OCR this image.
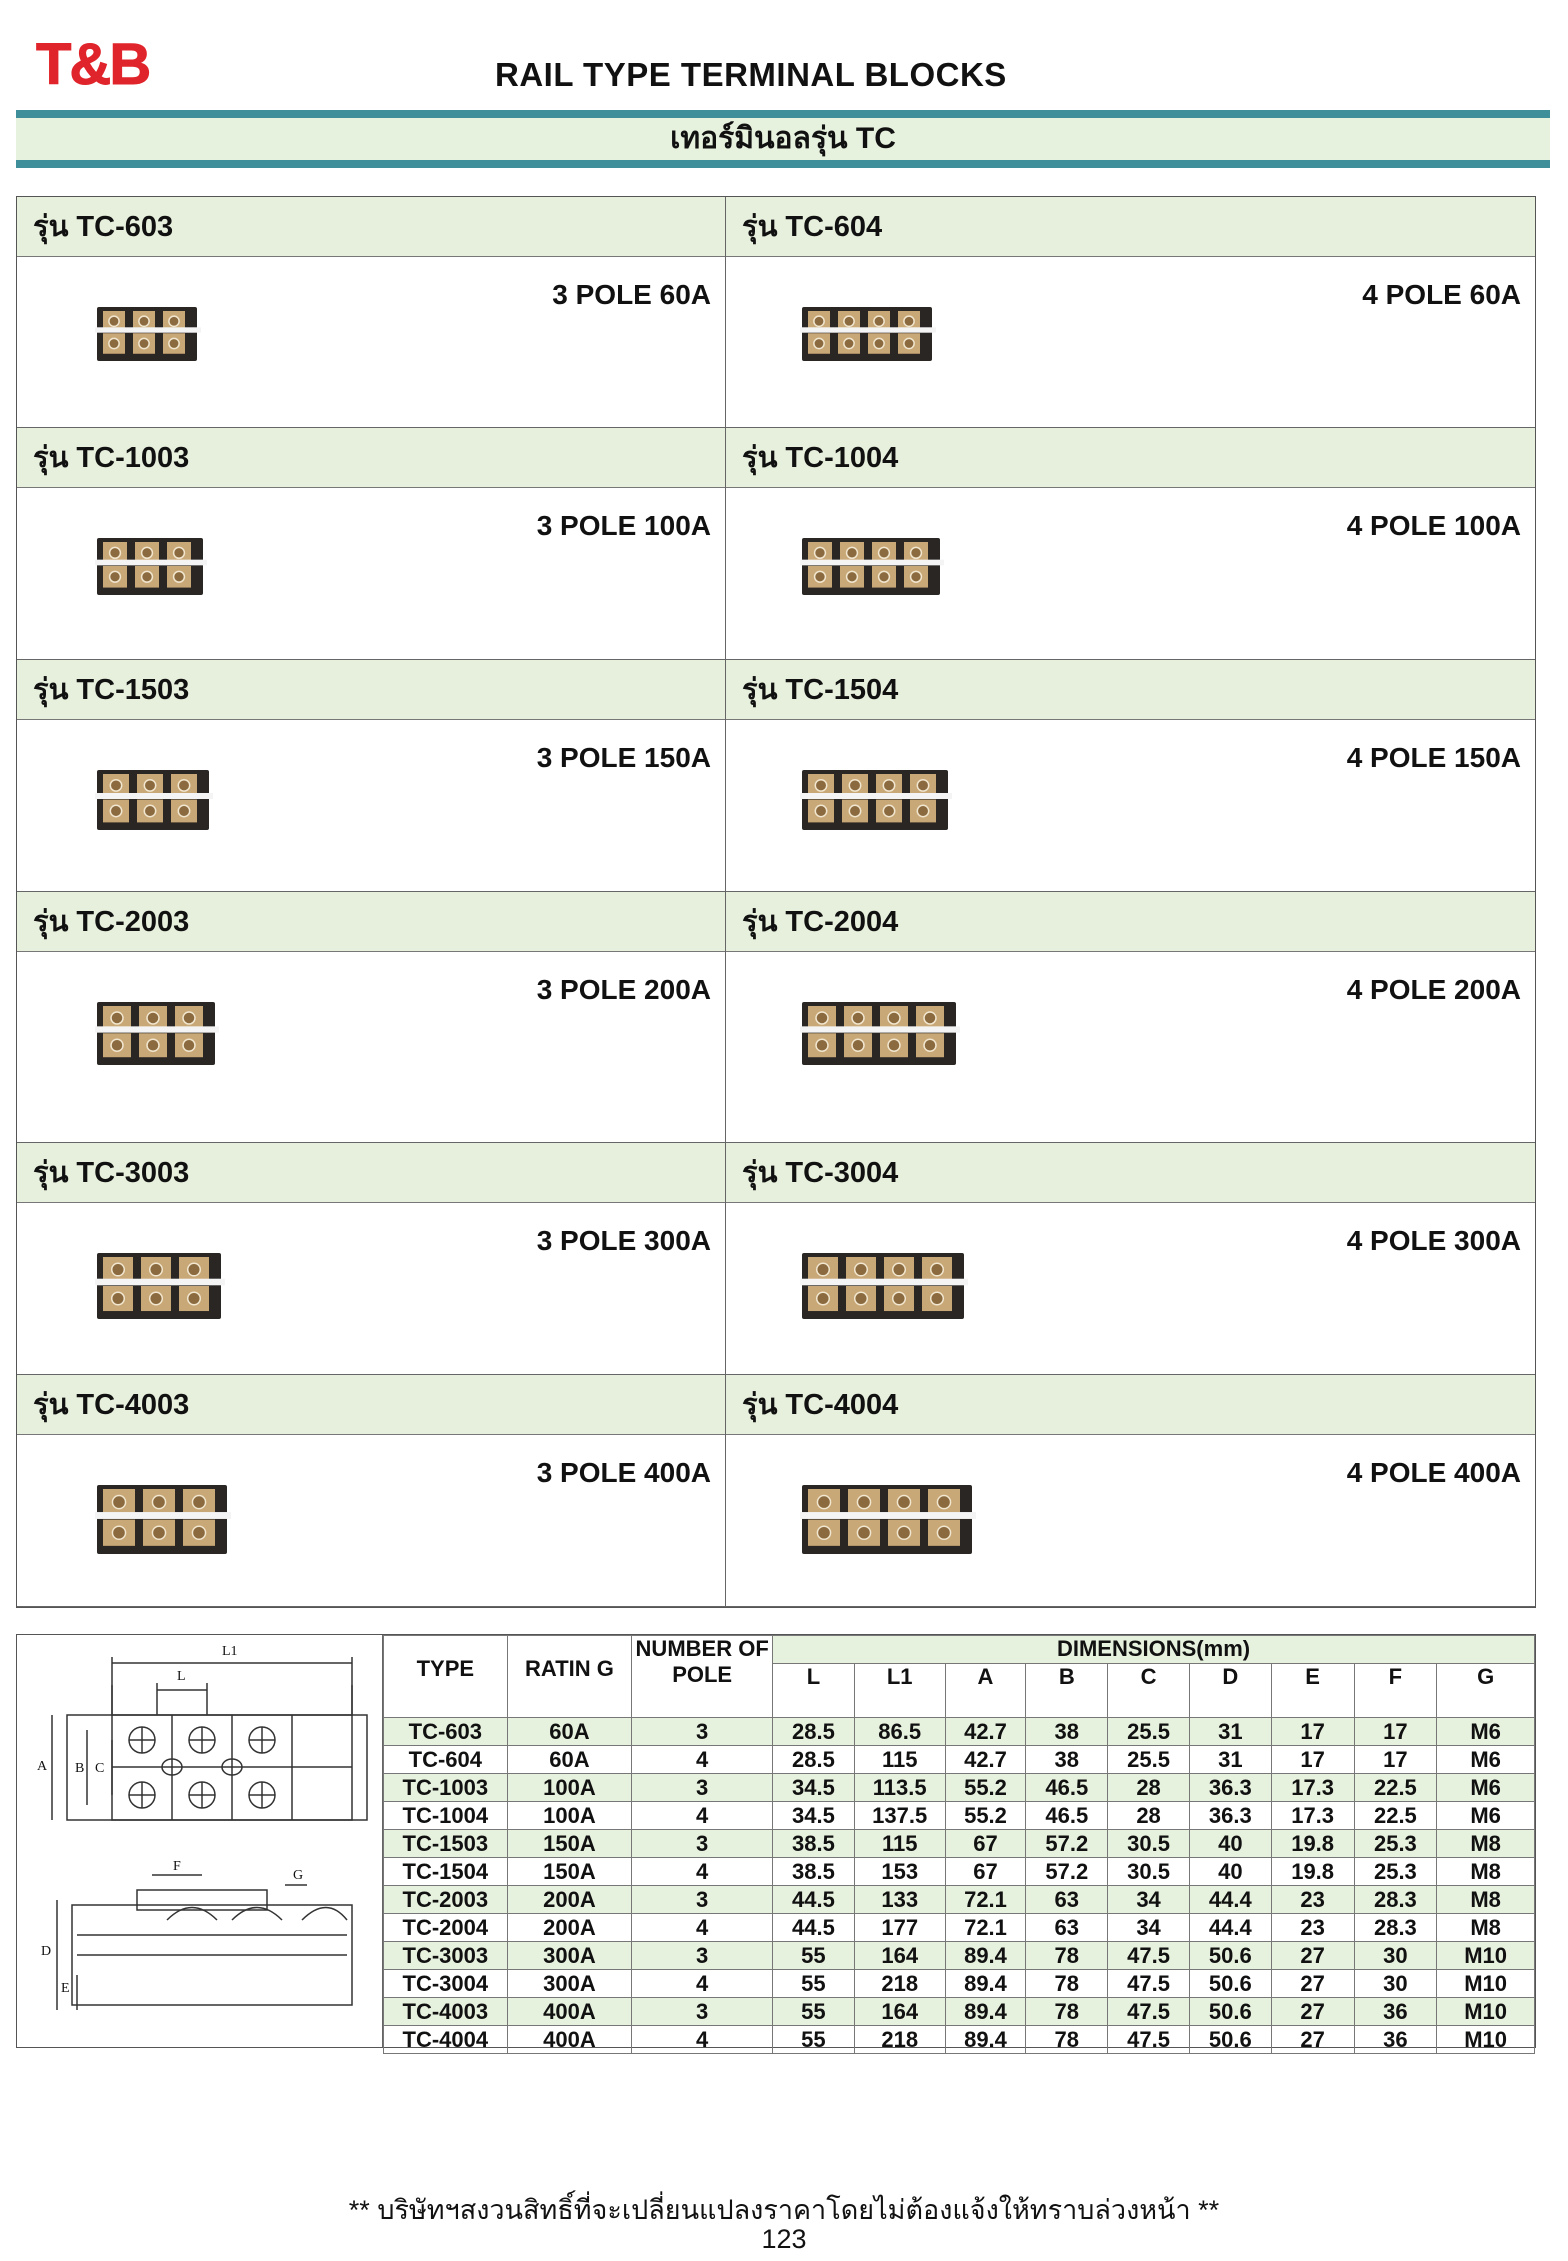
T&B	RAIL TYPE TERMINAL BLOCKS
เทอร์มินอลรุ่น TC
รุ่น TC-603
3 POLE 60A
รุ่น TC-604
4 POLE 60A
รุ่น TC-1003
3 POLE 100A
รุ่น TC-1004
4 POLE 100A
รุ่น TC-1503
3 POLE 150A
รุ่น TC-1504
4 POLE 150A
รุ่น TC-2003
3 POLE 200A
รุ่น TC-2004
4 POLE 200A
รุ่น TC-3003
3 POLE 300A
รุ่น TC-3004
4 POLE 300A
รุ่น TC-4003
3 POLE 400A
รุ่น TC-4004
4 POLE 400A
L1
L
A B C
F
G
D
E
TYPE	RATIN G	NUMBER OF POLE	DIMENSIONS(mm)								
			L	L1	A	B	C	D	E	F	G
TC-603	60A	3	28.5	86.5	42.7	38	25.5	31	17	17	M6
TC-604	60A	4	28.5	115	42.7	38	25.5	31	17	17	M6
TC-1003	100A	3	34.5	113.5	55.2	46.5	28	36.3	17.3	22.5	M6
TC-1004	100A	4	34.5	137.5	55.2	46.5	28	36.3	17.3	22.5	M6
TC-1503	150A	3	38.5	115	67	57.2	30.5	40	19.8	25.3	M8
TC-1504	150A	4	38.5	153	67	57.2	30.5	40	19.8	25.3	M8
TC-2003	200A	3	44.5	133	72.1	63	34	44.4	23	28.3	M8
TC-2004	200A	4	44.5	177	72.1	63	34	44.4	23	28.3	M8
TC-3003	300A	3	55	164	89.4	78	47.5	50.6	27	30	M10
TC-3004	300A	4	55	218	89.4	78	47.5	50.6	27	30	M10
TC-4003	400A	3	55	164	89.4	78	47.5	50.6	27	36	M10
TC-4004	400A	4	55	218	89.4	78	47.5	50.6	27	36	M10
** บริษัทฯสงวนสิทธิ์ที่จะเปลี่ยนแปลงราคาโดยไม่ต้องแจ้งให้ทราบล่วงหน้า **
123
